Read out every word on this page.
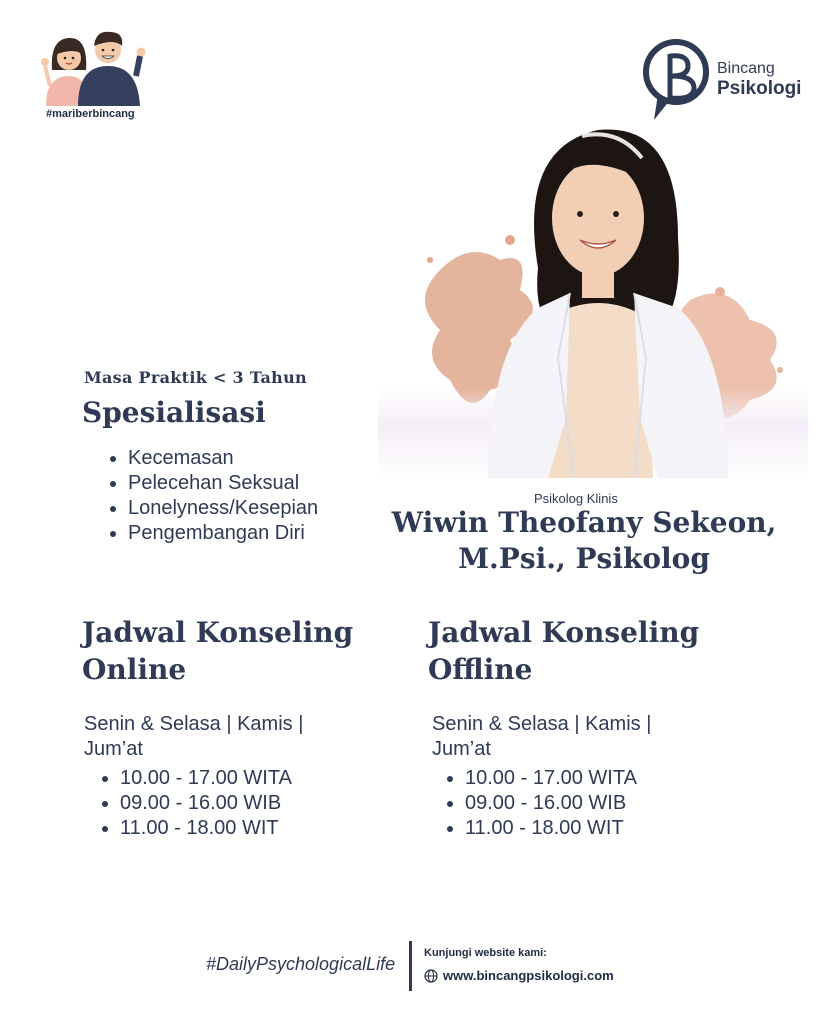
#mariberbincang
Bincang
Psikologi
Masa Praktik < 3 Tahun
Spesialisasi
Kecemasan
Pelecehan Seksual
Lonelyness/Kesepian
Pengembangan Diri
Psikolog Klinis
Wiwin Theofany Sekeon,
M.Psi., Psikolog
Jadwal Konseling
Online
Senin & Selasa | Kamis | Jum’at
10.00 - 17.00 WITA
09.00 - 16.00 WIB
11.00 - 18.00 WIT
Jadwal Konseling
Offline
Senin & Selasa | Kamis | Jum’at
10.00 - 17.00 WITA
09.00 - 16.00 WIB
11.00 - 18.00 WIT
#DailyPsychologicalLife
Kunjungi website kami:
www.bincangpsikologi.com
